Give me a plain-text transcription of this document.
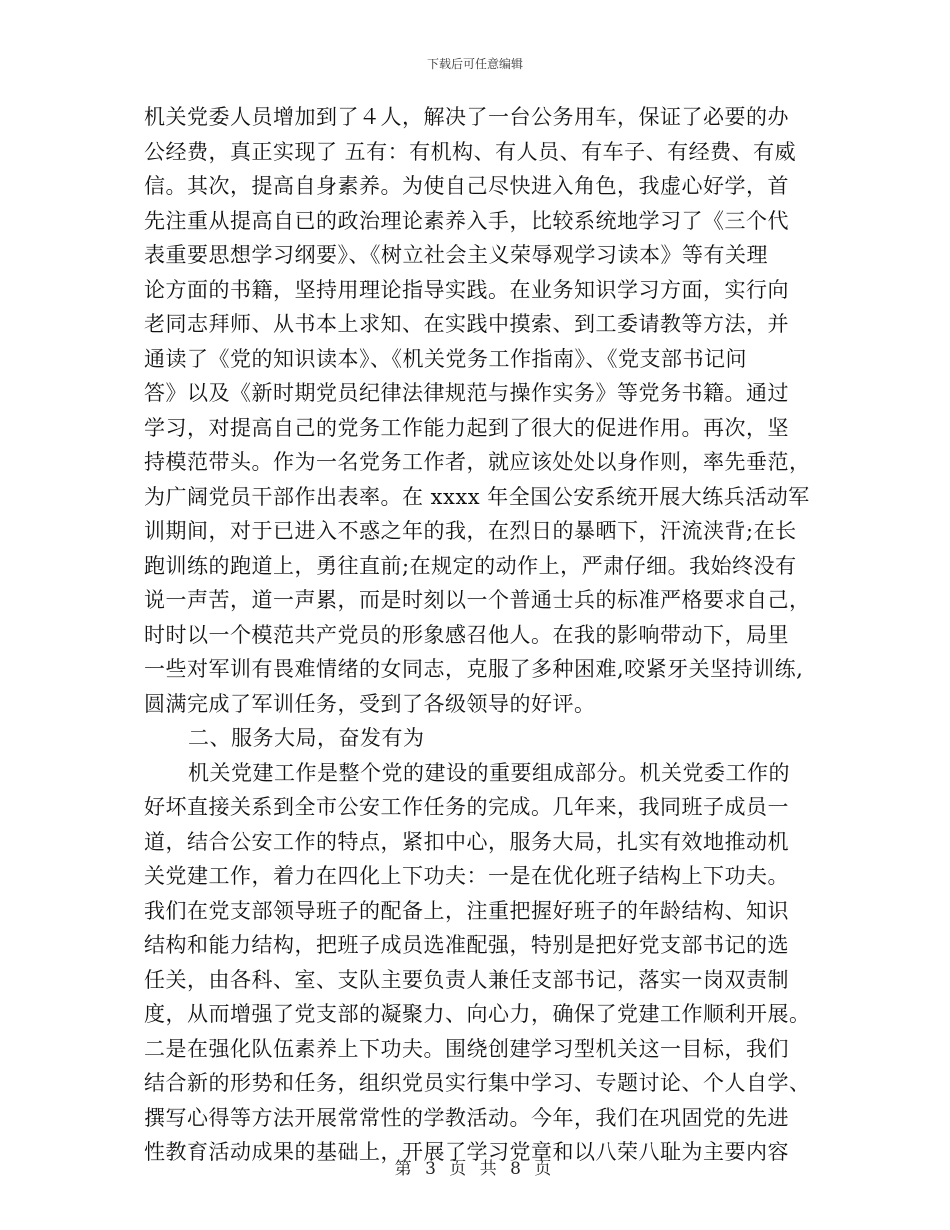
下载后可任意编辑
机关党委人员增加到了４人，解决了一台公务用车，保证了必要的办
公经费，真正实现了 五有：有机构、有人员、有车子、有经费、有威
信。其次，提高自身素养。为使自己尽快进入角色，我虚心好学，首
先注重从提高自已的政治理论素养入手，比较系统地学习了《三个代
表重要思想学习纲要》、《树立社会主义荣辱观学习读本》等有关理
论方面的书籍，坚持用理论指导实践。在业务知识学习方面，实行向
老同志拜师、从书本上求知、在实践中摸索、到工委请教等方法，并
通读了《党的知识读本》、《机关党务工作指南》、《党支部书记问
答》以及《新时期党员纪律法律规范与操作实务》等党务书籍。通过
学习，对提高自己的党务工作能力起到了很大的促进作用。再次，坚
持模范带头。作为一名党务工作者，就应该处处以身作则，率先垂范，
为广阔党员干部作出表率。在 xxxx 年全国公安系统开展大练兵活动军
训期间，对于已进入不惑之年的我，在烈日的暴晒下，汗流浃背;在长
跑训练的跑道上，勇往直前;在规定的动作上，严肃仔细。我始终没有
说一声苦，道一声累，而是时刻以一个普通士兵的标准严格要求自己，
时时以一个模范共产党员的形象感召他人。在我的影响带动下，局里
一些对军训有畏难情绪的女同志，克服了多种困难,咬紧牙关坚持训练,
圆满完成了军训任务，受到了各级领导的好评。
二、服务大局，奋发有为
机关党建工作是整个党的建设的重要组成部分。机关党委工作的
好坏直接关系到全市公安工作任务的完成。几年来，我同班子成员一
道，结合公安工作的特点，紧扣中心，服务大局，扎实有效地推动机
关党建工作，着力在四化上下功夫：一是在优化班子结构上下功夫。
我们在党支部领导班子的配备上，注重把握好班子的年龄结构、知识
结构和能力结构，把班子成员选准配强，特别是把好党支部书记的选
任关，由各科、室、支队主要负责人兼任支部书记，落实一岗双责制
度，从而增强了党支部的凝聚力、向心力，确保了党建工作顺利开展。
二是在强化队伍素养上下功夫。围绕创建学习型机关这一目标，我们
结合新的形势和任务，组织党员实行集中学习、专题讨论、个人自学、
撰写心得等方法开展常常性的学教活动。今年，我们在巩固党的先进
性教育活动成果的基础上，开展了学习党章和以八荣八耻为主要内容
第 3 页 共 8 页
